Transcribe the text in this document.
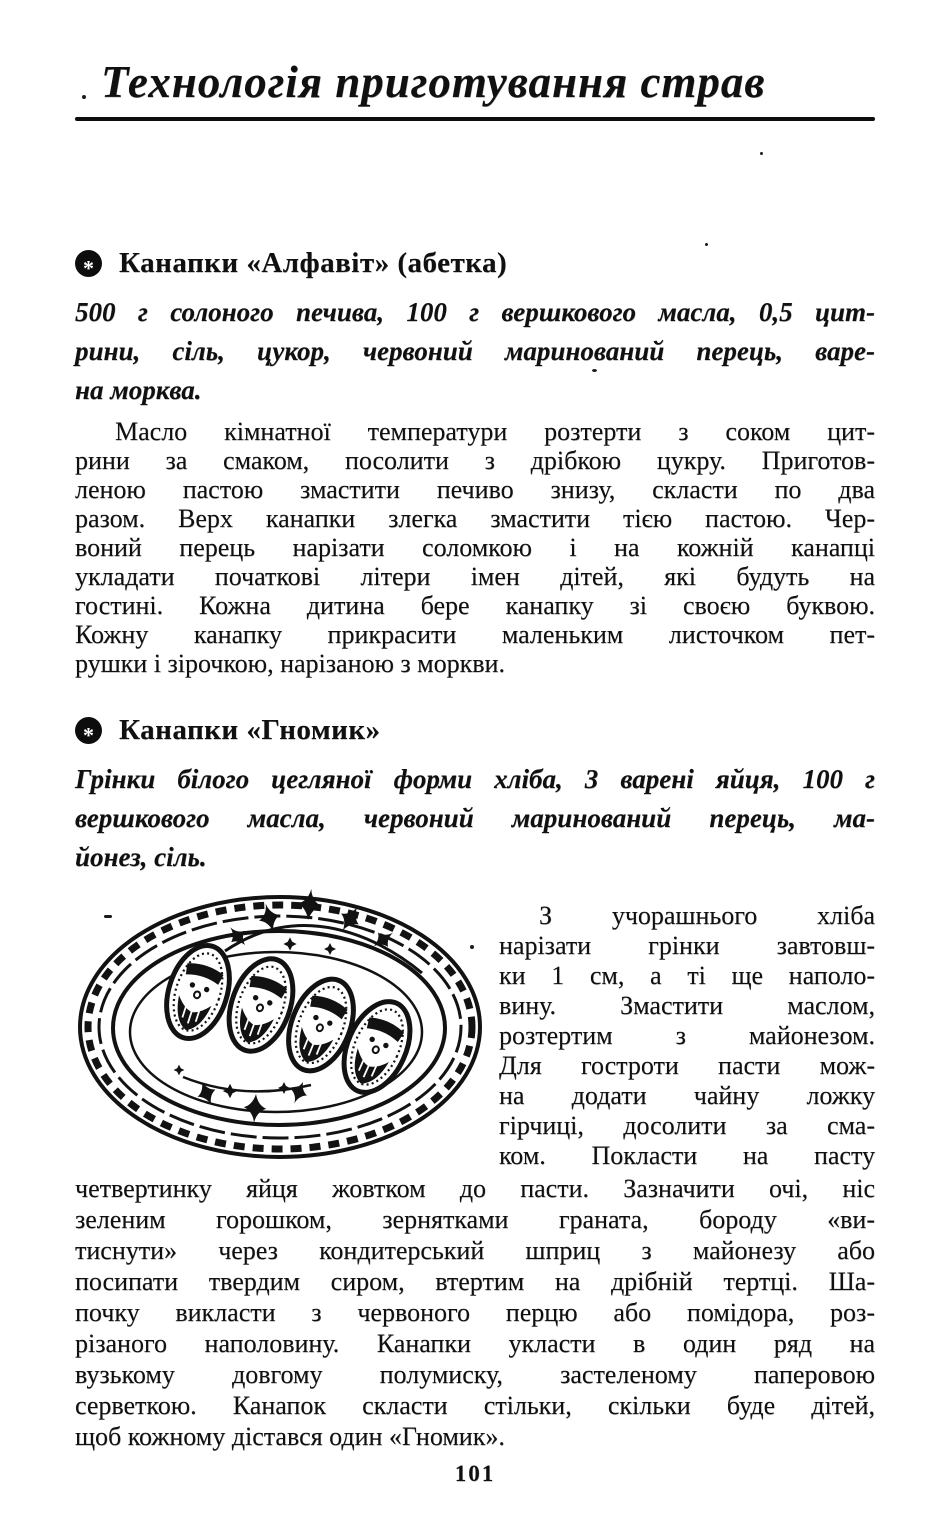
Технологія приготування страв
* Канапки «Алфавіт» (абетка)
500 г солоного печива, 100 г вершкового масла, 0,5 цит-
рини, сіль, цукор, червоний маринований перець, варе-
на морква.
Масло кімнатної температури розтерти з соком цит-
рини за смаком, посолити з дрібкою цукру. Приготов-
леною пастою змастити печиво знизу, скласти по два
разом. Верх канапки злегка змастити тією пастою. Чер-
воний перець нарізати соломкою і на кожній канапці
укладати початкові літери імен дітей, які будуть на
гостині. Кожна дитина бере канапку зі своєю буквою.
Кожну канапку прикрасити маленьким листочком пет-
рушки і зірочкою, нарізаною з моркви.
* Канапки «Гномик»
Грінки білого цегляної форми хліба, 3 варені яйця, 100 г
вершкового масла, червоний маринований перець, ма-
йонез, сіль.
З учорашнього хліба
нарізати грінки завтовш-
ки 1 см, а ті ще наполо-
вину. Змастити маслом,
розтертим з майонезом.
Для гостроти пасти мож-
на додати чайну ложку
гірчиці, досолити за сма-
ком. Покласти на пасту
четвертинку яйця жовтком до пасти. Зазначити очі, ніс
зеленим горошком, зернятками граната, бороду «ви-
тиснути» через кондитерський шприц з майонезу або
посипати твердим сиром, втертим на дрібній тертці. Ша-
почку викласти з червоного перцю або помідора, роз-
різаного наполовину. Канапки укласти в один ряд на
вузькому довгому полумиску, застеленому паперовою
серветкою. Канапок скласти стільки, скільки буде дітей,
щоб кожному дістався один «Гномик».
101
